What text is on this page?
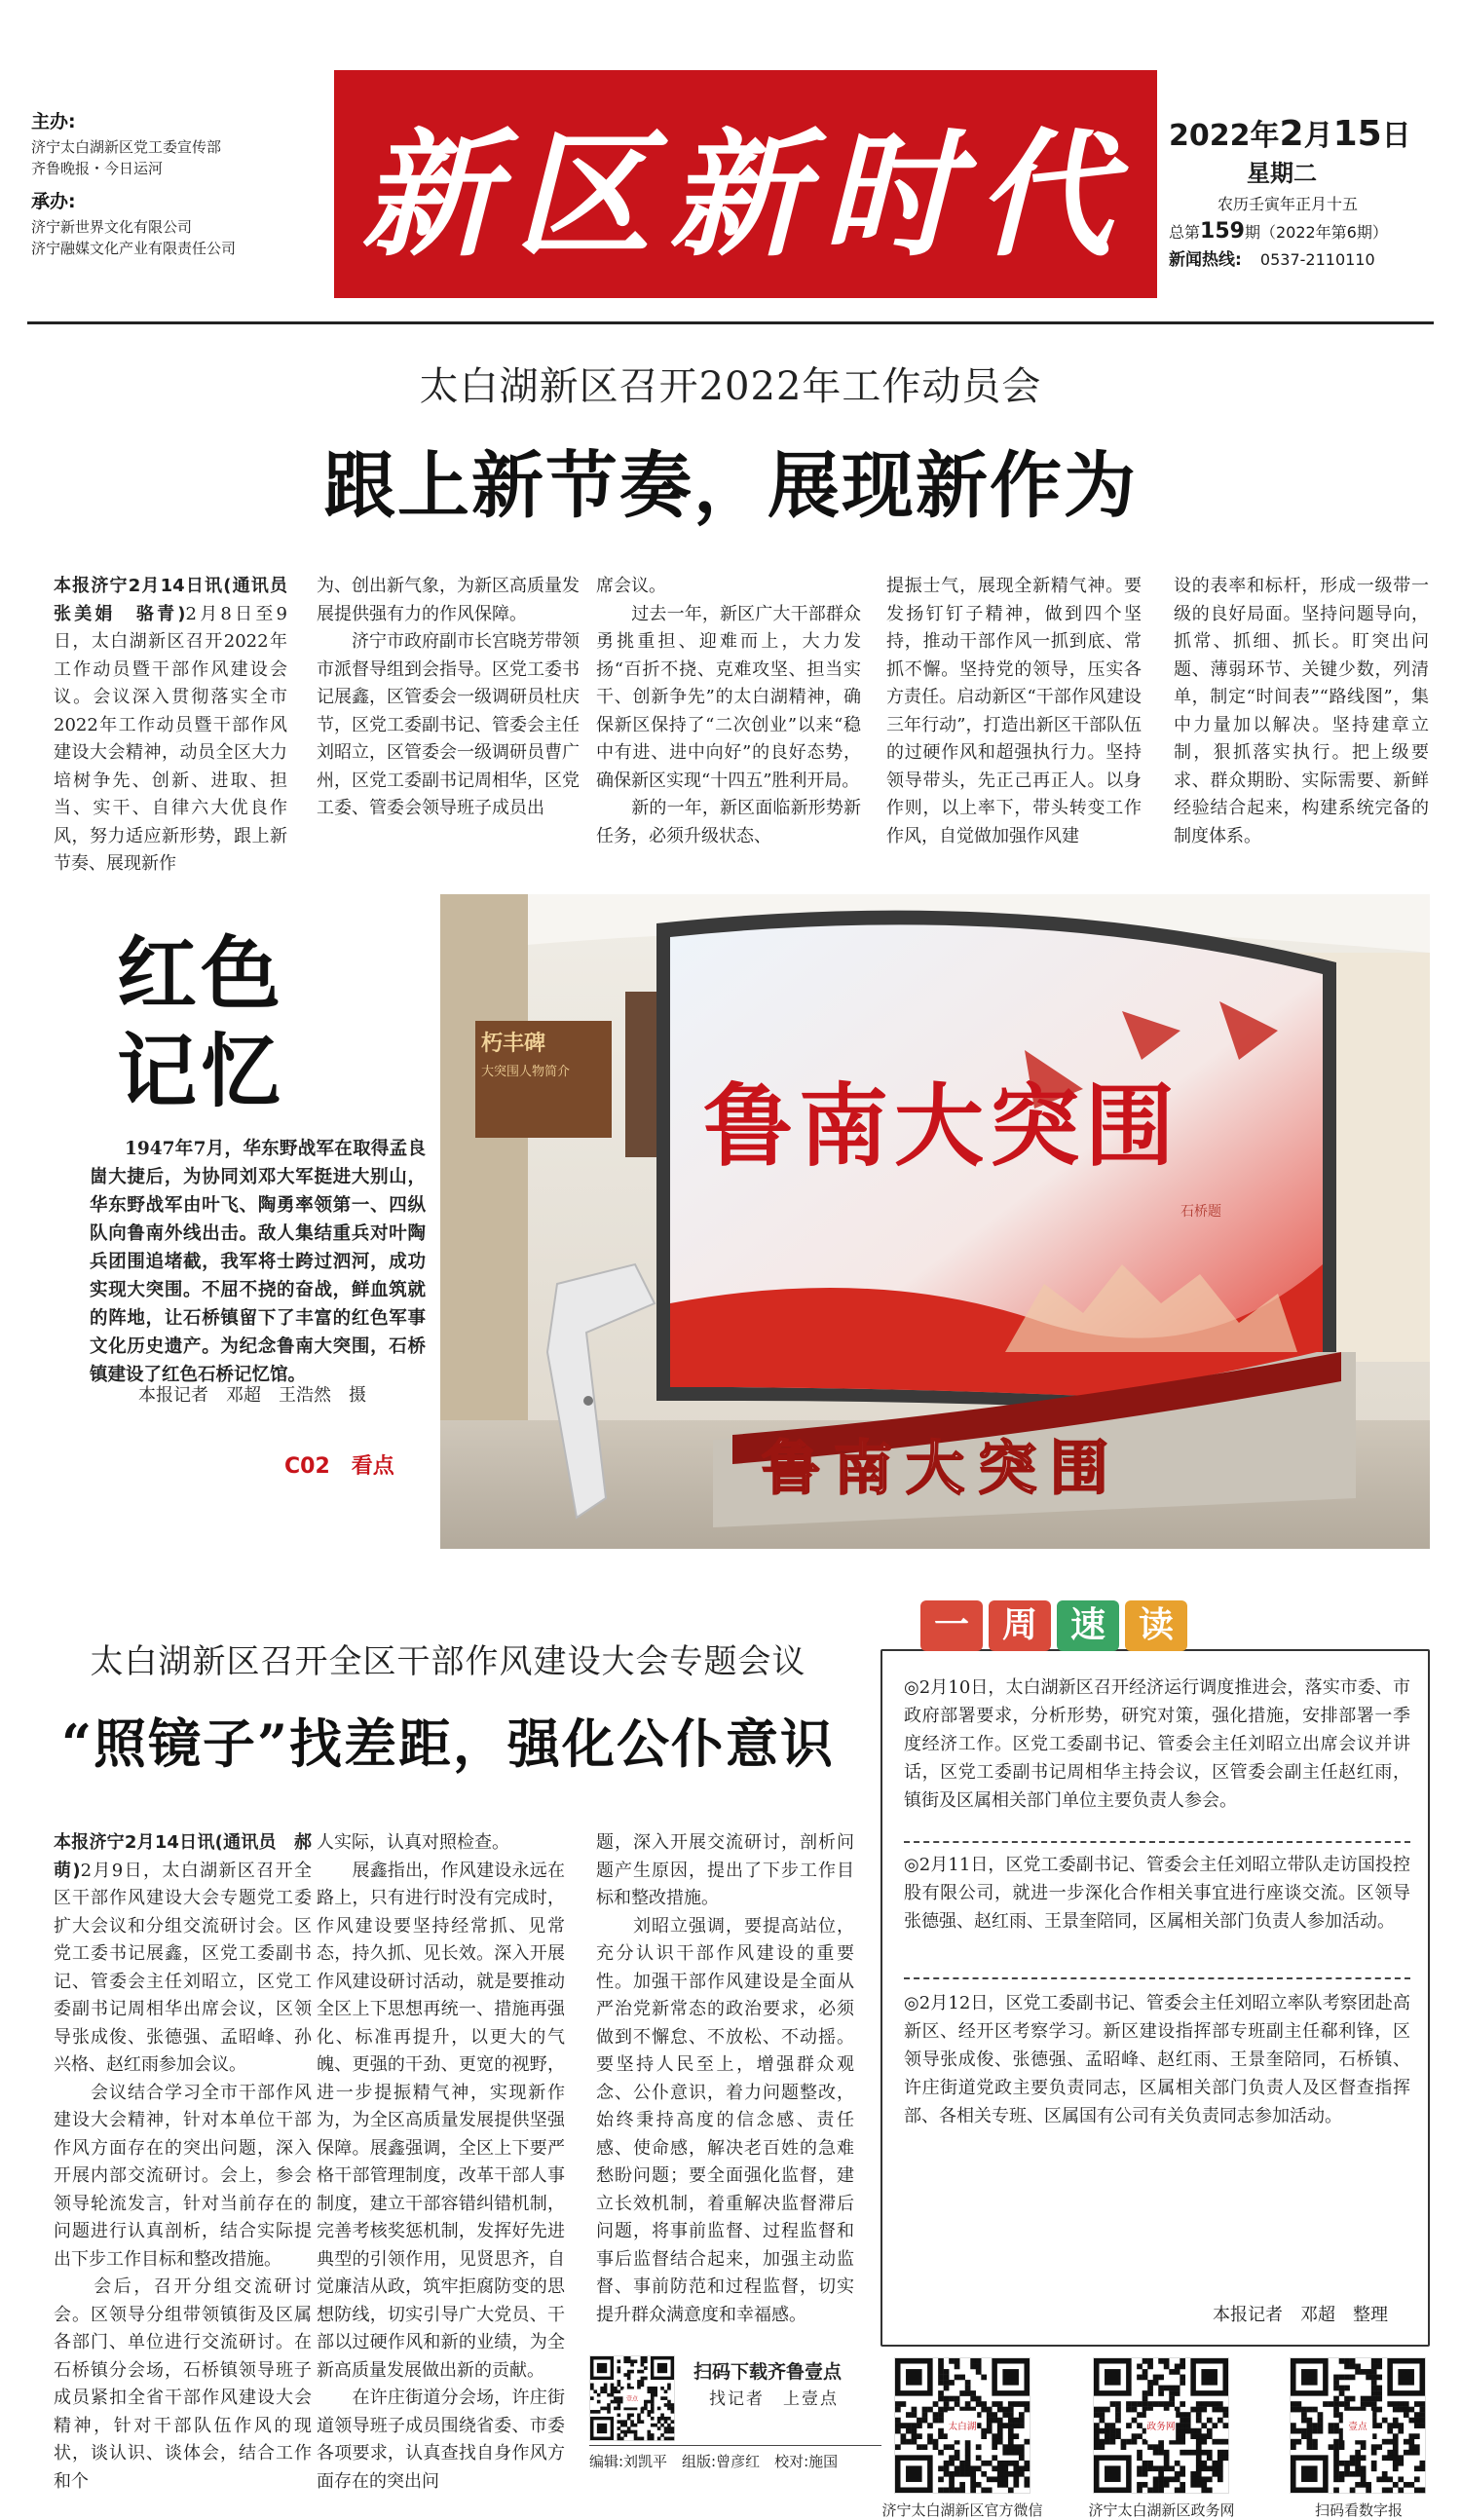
主办:
济宁太白湖新区党工委宣传部
齐鲁晚报・今日运河
承办:
济宁新世界文化有限公司
济宁融媒文化产业有限责任公司 新区新时代	2022年2月15日
星期二
农历壬寅年正月十五
总第159期（2022年第6期）
新闻热线: 0537-2110110
太白湖新区召开2022年工作动员会
跟上新节奏，展现新作为
本报济宁2月14日讯(通讯员　张美娟　骆青)2月8日至9日，太白湖新区召开2022年工作动员暨干部作风建设会议。会议深入贯彻落实全市2022年工作动员暨干部作风建设大会精神，动员全区大力培树争先、创新、进取、担当、实干、自律六大优良作风，努力适应新形势，跟上新节奏、展现新作
为、创出新气象，为新区高质量发展提供强有力的作风保障。
　　济宁市政府副市长宫晓芳带领市派督导组到会指导。区党工委书记展鑫，区管委会一级调研员杜庆节，区党工委副书记、管委会主任刘昭立，区管委会一级调研员曹广州，区党工委副书记周相华，区党工委、管委会领导班子成员出
席会议。
　　过去一年，新区广大干部群众勇挑重担、迎难而上，大力发扬“百折不挠、克难攻坚、担当实干、创新争先”的太白湖精神，确保新区保持了“二次创业”以来“稳中有进、进中向好”的良好态势，确保新区实现“十四五”胜利开局。
　　新的一年，新区面临新形势新任务，必须升级状态、
提振士气，展现全新精气神。要发扬钉钉子精神，做到四个坚持，推动干部作风一抓到底、常抓不懈。坚持党的领导，压实各方责任。启动新区“干部作风建设三年行动”，打造出新区干部队伍的过硬作风和超强执行力。坚持领导带头，先正己再正人。以身作则，以上率下，带头转变工作作风，自觉做加强作风建
设的表率和标杆，形成一级带一级的良好局面。坚持问题导向，抓常、抓细、抓长。盯突出问题、薄弱环节、关键少数，列清单，制定“时间表”“路线图”，集中力量加以解决。坚持建章立制，狠抓落实执行。把上级要求、群众期盼、实际需要、新鲜经验结合起来，构建系统完备的制度体系。
红色
记忆
1947年7月，华东野战军在取得孟良崮大捷后，为协同刘邓大军挺进大别山，华东野战军由叶飞、陶勇率领第一、四纵队向鲁南外线出击。敌人集结重兵对叶陶兵团围追堵截，我军将士跨过泗河，成功实现大突围。不屈不挠的奋战，鲜血筑就的阵地，让石桥镇留下了丰富的红色军事文化历史遗产。为纪念鲁南大突围，石桥镇建设了红色石桥记忆馆。
本报记者　邓超　王浩然　摄
C02　看点
朽丰碑
大突围人物简介
鲁南大突围
石桥题
鲁南大突围
太白湖新区召开全区干部作风建设大会专题会议
“照镜子”找差距，强化公仆意识
本报济宁2月14日讯(通讯员　郝萌)2月9日，太白湖新区召开全区干部作风建设大会专题党工委扩大会议和分组交流研讨会。区党工委书记展鑫，区党工委副书记、管委会主任刘昭立，区党工委副书记周相华出席会议，区领导张成俊、张德强、孟昭峰、孙兴格、赵红雨参加会议。
　　会议结合学习全市干部作风建设大会精神，针对本单位干部作风方面存在的突出问题，深入开展内部交流研讨。会上，参会领导轮流发言，针对当前存在的问题进行认真剖析，结合实际提出下步工作目标和整改措施。
　　会后，召开分组交流研讨会。区领导分组带领镇街及区属各部门、单位进行交流研讨。在石桥镇分会场，石桥镇领导班子成员紧扣全省干部作风建设大会精神，针对干部队伍作风的现状，谈认识、谈体会，结合工作和个
人实际，认真对照检查。
　　展鑫指出，作风建设永远在路上，只有进行时没有完成时，作风建设要坚持经常抓、见常态，持久抓、见长效。深入开展作风建设研讨活动，就是要推动全区上下思想再统一、措施再强化、标准再提升，以更大的气魄、更强的干劲、更宽的视野，进一步提振精气神，实现新作为，为全区高质量发展提供坚强保障。展鑫强调，全区上下要严格干部管理制度，改革干部人事制度，建立干部容错纠错机制，完善考核奖惩机制，发挥好先进典型的引领作用，见贤思齐，自觉廉洁从政，筑牢拒腐防变的思想防线，切实引导广大党员、干部以过硬作风和新的业绩，为全新高质量发展做出新的贡献。
　　在许庄街道分会场，许庄街道领导班子成员围绕省委、市委各项要求，认真查找自身作风方面存在的突出问
题，深入开展交流研讨，剖析问题产生原因，提出了下步工作目标和整改措施。
　　刘昭立强调，要提高站位，充分认识干部作风建设的重要性。加强干部作风建设是全面从严治党新常态的政治要求，必须做到不懈怠、不放松、不动摇。要坚持人民至上，增强群众观念、公仆意识，着力问题整改，始终秉持高度的信念感、责任感、使命感，解决老百姓的急难愁盼问题；要全面强化监督，建立长效机制，着重解决监督滞后问题，将事前监督、过程监督和事后监督结合起来，加强主动监督、事前防范和过程监督，切实提升群众满意度和幸福感。
一 周 速 读
◎2月10日，太白湖新区召开经济运行调度推进会，落实市委、市政府部署要求，分析形势，研究对策，强化措施，安排部署一季度经济工作。区党工委副书记、管委会主任刘昭立出席会议并讲话，区党工委副书记周相华主持会议，区管委会副主任赵红雨，镇街及区属相关部门单位主要负责人参会。
◎2月11日，区党工委副书记、管委会主任刘昭立带队走访国投控股有限公司，就进一步深化合作相关事宜进行座谈交流。区领导张德强、赵红雨、王景奎陪同，区属相关部门负责人参加活动。
◎2月12日，区党工委副书记、管委会主任刘昭立率队考察团赴高新区、经开区考察学习。新区建设指挥部专班副主任郗利锋，区领导张成俊、张德强、孟昭峰、赵红雨、王景奎陪同，石桥镇、许庄街道党政主要负责同志，区属相关部门负责人及区督查指挥部、各相关专班、区属国有公司有关负责同志参加活动。
本报记者　邓超　整理
壹点
扫码下载齐鲁壹点
找记者　上壹点
编辑:刘凯平　组版:曾彦红　校对:施国
太白湖
济宁太白湖新区官方微信
政务网
济宁太白湖新区政务网
壹点
扫码看数字报
